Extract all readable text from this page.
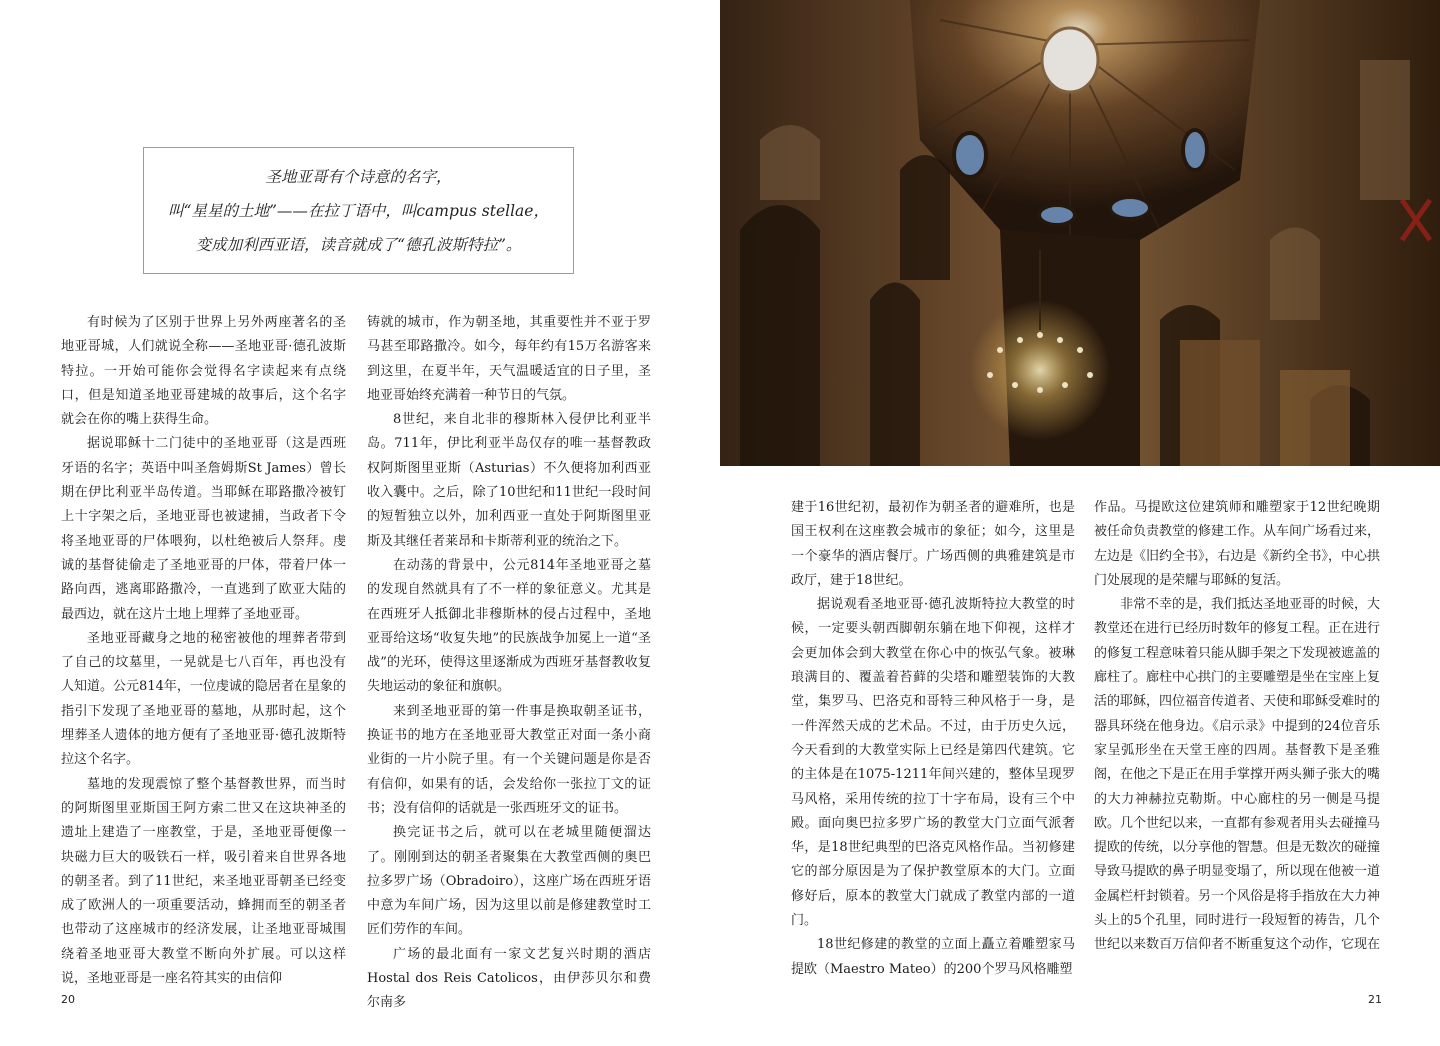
圣地亚哥有个诗意的名字，

叫“星星的土地”——在拉丁语中，叫campus stellae，

变成加利西亚语，读音就成了“德孔波斯特拉”。

有时候为了区别于世界上另外两座著名的圣地亚哥城，人们就说全称——圣地亚哥·德孔波斯特拉。一开始可能你会觉得名字读起来有点绕口，但是知道圣地亚哥建城的故事后，这个名字就会在你的嘴上获得生命。

据说耶稣十二门徒中的圣地亚哥（这是西班牙语的名字；英语中叫圣詹姆斯St James）曾长期在伊比利亚半岛传道。当耶稣在耶路撒冷被钉上十字架之后，圣地亚哥也被逮捕，当政者下令将圣地亚哥的尸体喂狗，以杜绝被后人祭拜。虔诚的基督徒偷走了圣地亚哥的尸体，带着尸体一路向西，逃离耶路撒冷，一直逃到了欧亚大陆的最西边，就在这片土地上埋葬了圣地亚哥。

圣地亚哥藏身之地的秘密被他的埋葬者带到了自己的坟墓里，一晃就是七八百年，再也没有人知道。公元814年，一位虔诚的隐居者在星象的指引下发现了圣地亚哥的墓地，从那时起，这个埋葬圣人遗体的地方便有了圣地亚哥·德孔波斯特拉这个名字。

墓地的发现震惊了整个基督教世界，而当时的阿斯图里亚斯国王阿方索二世又在这块神圣的遗址上建造了一座教堂，于是，圣地亚哥便像一块磁力巨大的吸铁石一样，吸引着来自世界各地的朝圣者。到了11世纪，来圣地亚哥朝圣已经变成了欧洲人的一项重要活动，蜂拥而至的朝圣者也带动了这座城市的经济发展，让圣地亚哥城围绕着圣地亚哥大教堂不断向外扩展。可以这样说，圣地亚哥是一座名符其实的由信仰

铸就的城市，作为朝圣地，其重要性并不亚于罗马甚至耶路撒冷。如今，每年约有15万名游客来到这里，在夏半年，天气温暖适宜的日子里，圣地亚哥始终充满着一种节日的气氛。

8世纪，来自北非的穆斯林入侵伊比利亚半岛。711年，伊比利亚半岛仅存的唯一基督教政权阿斯图里亚斯（Asturias）不久便将加利西亚收入囊中。之后，除了10世纪和11世纪一段时间的短暂独立以外，加利西亚一直处于阿斯图里亚斯及其继任者莱昂和卡斯蒂利亚的统治之下。

在动荡的背景中，公元814年圣地亚哥之墓的发现自然就具有了不一样的象征意义。尤其是在西班牙人抵御北非穆斯林的侵占过程中，圣地亚哥给这场“收复失地”的民族战争加冕上一道“圣战”的光环，使得这里逐渐成为西班牙基督教收复失地运动的象征和旗帜。

来到圣地亚哥的第一件事是换取朝圣证书，换证书的地方在圣地亚哥大教堂正对面一条小商业街的一片小院子里。有一个关键问题是你是否有信仰，如果有的话，会发给你一张拉丁文的证书；没有信仰的话就是一张西班牙文的证书。

换完证书之后，就可以在老城里随便溜达了。刚刚到达的朝圣者聚集在大教堂西侧的奥巴拉多罗广场（Obradoiro），这座广场在西班牙语中意为车间广场，因为这里以前是修建教堂时工匠们劳作的车间。

广场的最北面有一家文艺复兴时期的酒店Hostal dos Reis Catolicos，由伊莎贝尔和费尔南多

20

建于16世纪初，最初作为朝圣者的避难所，也是国王权利在这座教会城市的象征；如今，这里是一个豪华的酒店餐厅。广场西侧的典雅建筑是市政厅，建于18世纪。

据说观看圣地亚哥·德孔波斯特拉大教堂的时候，一定要头朝西脚朝东躺在地下仰视，这样才会更加体会到大教堂在你心中的恢弘气象。被琳琅满目的、覆盖着苔藓的尖塔和雕塑装饰的大教堂，集罗马、巴洛克和哥特三种风格于一身，是一件浑然天成的艺术品。不过，由于历史久远，今天看到的大教堂实际上已经是第四代建筑。它的主体是在1075-1211年间兴建的，整体呈现罗马风格，采用传统的拉丁十字布局，设有三个中殿。面向奥巴拉多罗广场的教堂大门立面气派奢华，是18世纪典型的巴洛克风格作品。当初修建它的部分原因是为了保护教堂原本的大门。立面修好后，原本的教堂大门就成了教堂内部的一道门。

18世纪修建的教堂的立面上矗立着雕塑家马提欧（Maestro Mateo）的200个罗马风格雕塑

作品。马提欧这位建筑师和雕塑家于12世纪晚期被任命负责教堂的修建工作。从车间广场看过来，左边是《旧约全书》，右边是《新约全书》，中心拱门处展现的是荣耀与耶稣的复活。

非常不幸的是，我们抵达圣地亚哥的时候，大教堂还在进行已经历时数年的修复工程。正在进行的修复工程意味着只能从脚手架之下发现被遮盖的廊柱了。廊柱中心拱门的主要雕塑是坐在宝座上复活的耶稣，四位福音传道者、天使和耶稣受难时的器具环绕在他身边。《启示录》中提到的24位音乐家呈弧形坐在天堂王座的四周。基督教下是圣雅阁，在他之下是正在用手掌撑开两头狮子张大的嘴的大力神赫拉克勒斯。中心廊柱的另一侧是马提欧。几个世纪以来，一直都有参观者用头去碰撞马提欧的传统，以分享他的智慧。但是无数次的碰撞导致马提欧的鼻子明显变塌了，所以现在他被一道金属栏杆封锁着。另一个风俗是将手指放在大力神头上的5个孔里，同时进行一段短暂的祷告，几个世纪以来数百万信仰者不断重复这个动作，它现在

21
